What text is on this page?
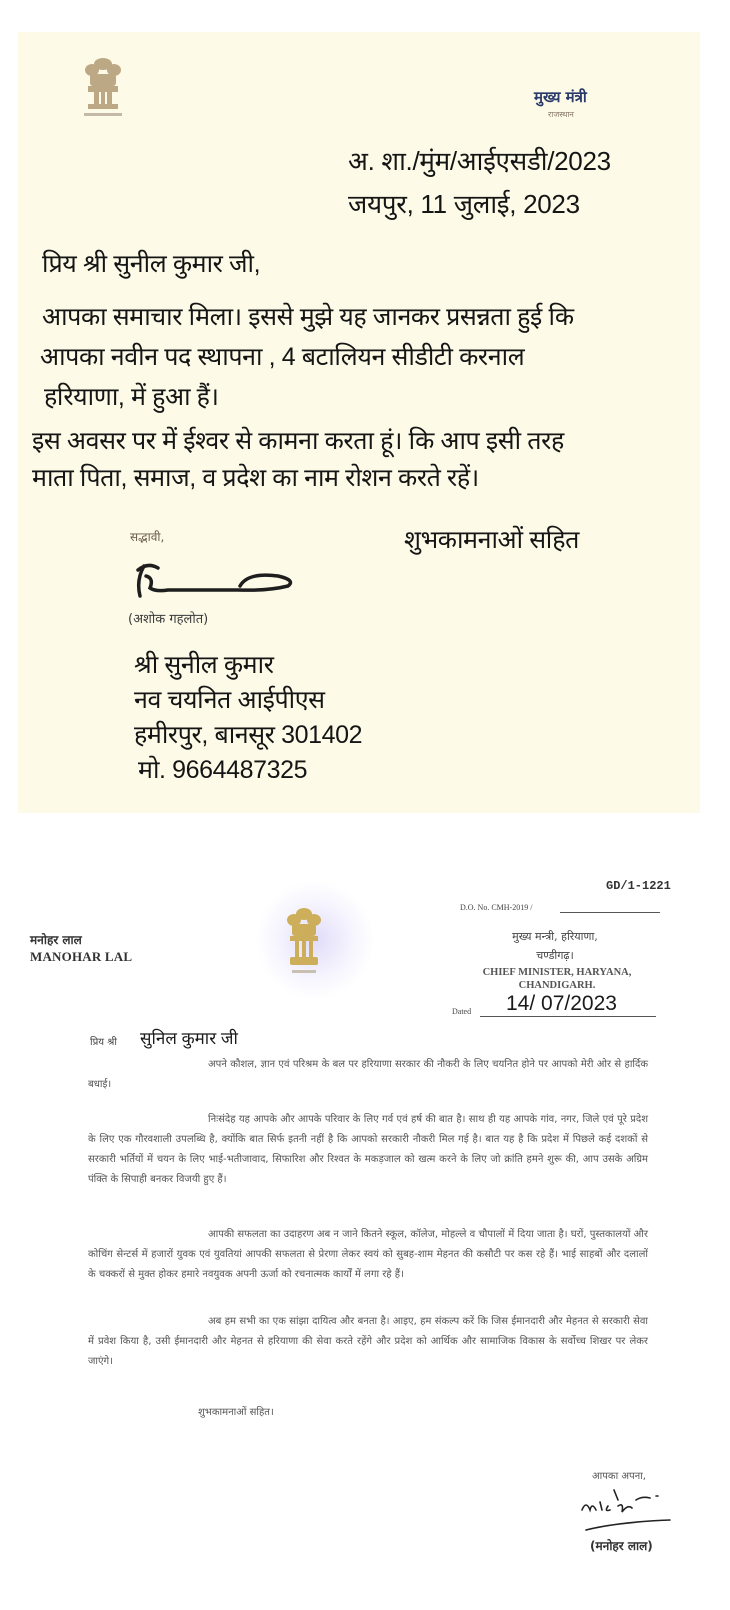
मुख्य मंत्री
राजस्थान
अ. शा./मुंम/आईएसडी/2023
जयपुर, 11 जुलाई, 2023
प्रिय श्री सुनील कुमार जी,
आपका समाचार मिला। इससे मुझे यह जानकर प्रसन्नता हुई कि
आपका नवीन पद स्थापना , 4 बटालियन सीडीटी करनाल
हरियाणा, में हुआ हैं।
इस अवसर पर में ईश्वर से कामना करता हूं। कि आप इसी तरह
माता पिता, समाज, व प्रदेश का नाम रोशन करते रहें।
सद्भावी,	शुभकामनाओं सहित
(अशोक गहलोत)
श्री सुनील कुमार
नव चयनित आईपीएस
हमीरपुर, बानसूर 301402
मो. 9664487325
मनोहर लाल
MANOHAR LAL
GD/1-1221
D.O. No. CMH-2019 /
मुख्य मन्त्री, हरियाणा,
चण्डीगढ़।
CHIEF MINISTER, HARYANA,
CHANDIGARH.
Dated 14/ 07/2023
प्रिय श्री सुनिल कुमार जी
अपने कौशल, ज्ञान एवं परिश्रम के बल पर हरियाणा सरकार की नौकरी के लिए चयनित होने पर आपको मेरी ओर से हार्दिक बधाई।
निःसंदेह यह आपके और आपके परिवार के लिए गर्व एवं हर्ष की बात है। साथ ही यह आपके गांव, नगर, जिले एवं पूरे प्रदेश के लिए एक गौरवशाली उपलब्धि है, क्योंकि बात सिर्फ इतनी नहीं है कि आपको सरकारी नौकरी मिल गई है। बात यह है कि प्रदेश में पिछले कई दशकों से सरकारी भर्तियों में चयन के लिए भाई-भतीजावाद, सिफारिश और रिश्वत के मकड़जाल को खत्म करने के लिए जो क्रांति हमने शुरू की, आप उसके अग्रिम पंक्ति के सिपाही बनकर विजयी हुए हैं।
आपकी सफलता का उदाहरण अब न जाने कितने स्कूल, कॉलेज, मोहल्ले व चौपालों में दिया जाता है। घरों, पुस्तकालयों और कोचिंग सेन्टर्स में हजारों युवक एवं युवतियां आपकी सफलता से प्रेरणा लेकर स्वयं को सुबह-शाम मेहनत की कसौटी पर कस रहे हैं। भाई साहबों और दलालों के चक्करों से मुक्त होकर हमारे नवयुवक अपनी ऊर्जा को रचनात्मक कार्यों में लगा रहे हैं।
अब हम सभी का एक सांझा दायित्व और बनता है। आइए, हम संकल्प करें कि जिस ईमानदारी और मेहनत से सरकारी सेवा में प्रवेश किया है, उसी ईमानदारी और मेहनत से हरियाणा की सेवा करते रहेंगे और प्रदेश को आर्थिक और सामाजिक विकास के सर्वोच्च शिखर पर लेकर जाएंगे।
शुभकामनाओं सहित।
आपका अपना,
(मनोहर लाल)
